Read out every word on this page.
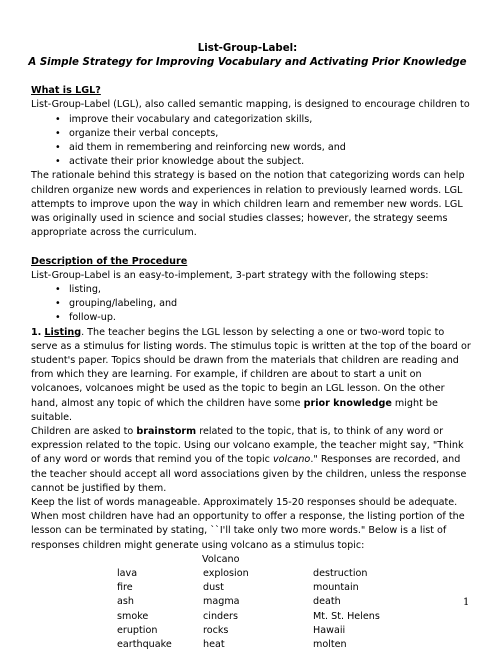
List-Group-Label:
A Simple Strategy for Improving Vocabulary and Activating Prior Knowledge

What is LGL?

List-Group-Label (LGL), also called semantic mapping, is designed to encourage children to

• improve their vocabulary and categorization skills,
• organize their verbal concepts,
• aid them in remembering and reinforcing new words, and
• activate their prior knowledge about the subject.

The rationale behind this strategy is based on the notion that categorizing words can help children organize new words and experiences in relation to previously learned words. LGL attempts to improve upon the way in which children learn and remember new words. LGL was originally used in science and social studies classes; however, the strategy seems appropriate across the curriculum.

Description of the Procedure

List-Group-Label is an easy-to-implement, 3-part strategy with the following steps:

• listing,
• grouping/labeling, and
• follow-up.

1. Listing. The teacher begins the LGL lesson by selecting a one or two-word topic to serve as a stimulus for listing words. The stimulus topic is written at the top of the board or student's paper. Topics should be drawn from the materials that children are reading and from which they are learning. For example, if children are about to start a unit on volcanoes, volcanoes might be used as the topic to begin an LGL lesson. On the other hand, almost any topic of which the children have some prior knowledge might be suitable.

Children are asked to brainstorm related to the topic, that is, to think of any word or expression related to the topic. Using our volcano example, the teacher might say, "Think of any word or words that remind you of the topic volcano." Responses are recorded, and the teacher should accept all word associations given by the children, unless the response cannot be justified by them.

Keep the list of words manageable. Approximately 15-20 responses should be adequate. When most children have had an opportunity to offer a response, the listing portion of the lesson can be terminated by stating, ``I'll take only two more words." Below is a list of responses children might generate using volcano as a stimulus topic:

Volcano

lava	explosion	destruction
fire	dust	mountain
ash	magma	death
smoke	cinders	Mt. St. Helens
eruption	rocks	Hawaii
earthquake	heat	molten
1
